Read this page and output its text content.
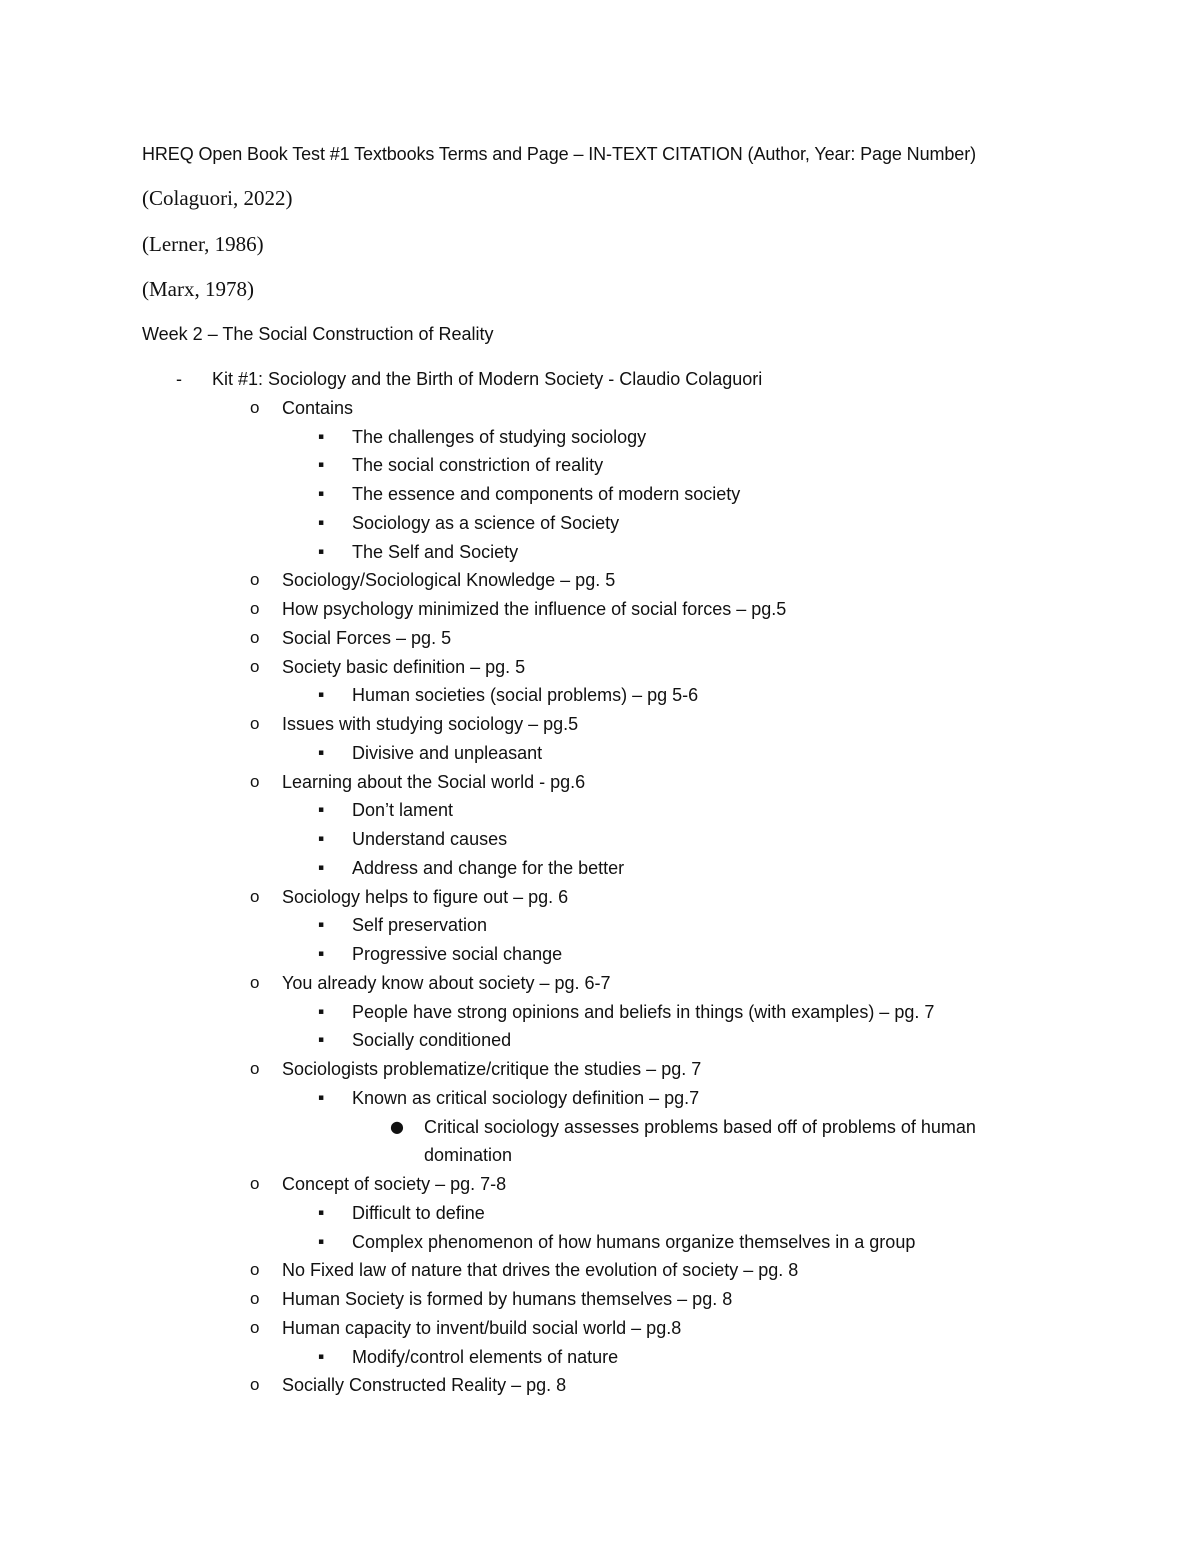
HREQ Open Book Test #1 Textbooks Terms and Page – IN-TEXT CITATION (Author, Year: Page Number)
(Colaguori, 2022)
(Lerner, 1986)
(Marx, 1978)
Week 2 – The Social Construction of Reality
- Kit #1: Sociology and the Birth of Modern Society - Claudio Colaguori
o Contains
▪ The challenges of studying sociology
▪ The social constriction of reality
▪ The essence and components of modern society
▪ Sociology as a science of Society
▪ The Self and Society
o Sociology/Sociological Knowledge – pg. 5
o How psychology minimized the influence of social forces – pg.5
o Social Forces – pg. 5
o Society basic definition – pg. 5
▪ Human societies (social problems) – pg 5-6
o Issues with studying sociology – pg.5
▪ Divisive and unpleasant
o Learning about the Social world - pg.6
▪ Don’t lament
▪ Understand causes
▪ Address and change for the better
o Sociology helps to figure out – pg. 6
▪ Self preservation
▪ Progressive social change
o You already know about society – pg. 6-7
▪ People have strong opinions and beliefs in things (with examples) – pg. 7
▪ Socially conditioned
o Sociologists problematize/critique the studies – pg. 7
▪ Known as critical sociology definition – pg.7
● Critical sociology assesses problems based off of problems of human
domination
o Concept of society – pg. 7-8
▪ Difficult to define
▪ Complex phenomenon of how humans organize themselves in a group
o No Fixed law of nature that drives the evolution of society – pg. 8
o Human Society is formed by humans themselves – pg. 8
o Human capacity to invent/build social world – pg.8
▪ Modify/control elements of nature
o Socially Constructed Reality – pg. 8
